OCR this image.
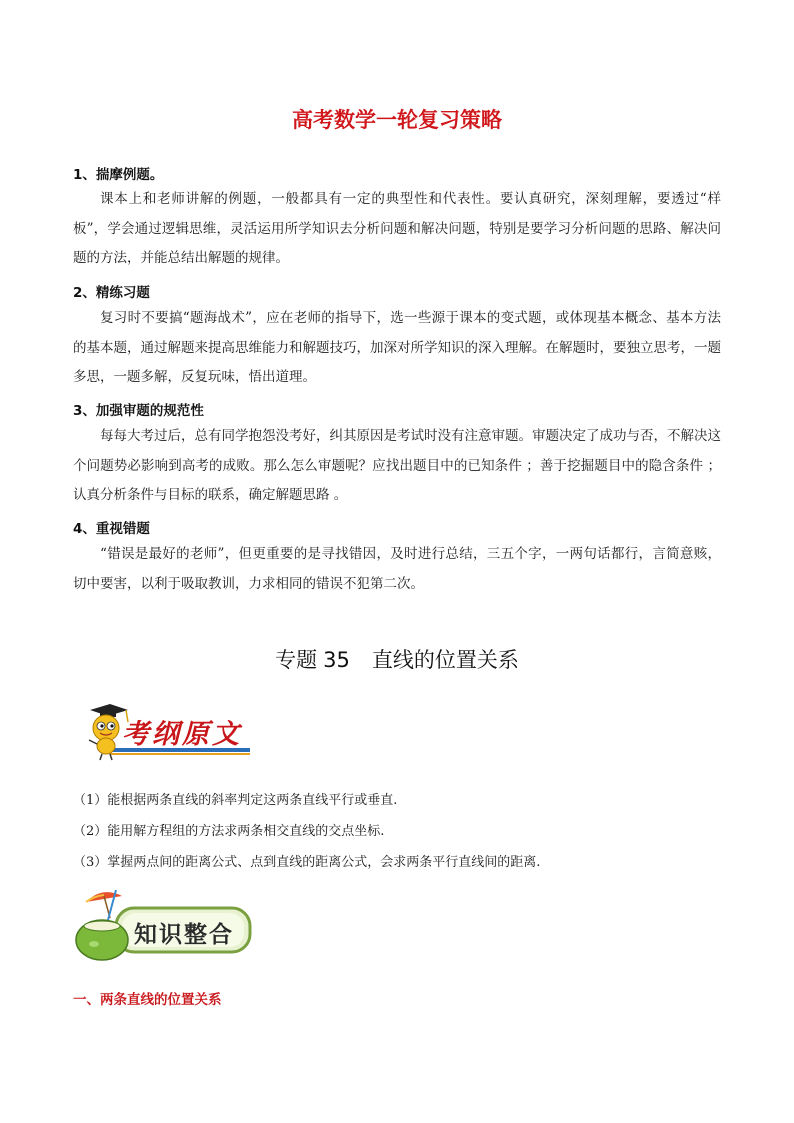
高考数学一轮复习策略
1、揣摩例题。

课本上和老师讲解的例题，一般都具有一定的典型性和代表性。要认真研究，深刻理解，要透过“样板”，学会通过逻辑思维，灵活运用所学知识去分析问题和解决问题，特别是要学习分析问题的思路、解决问题的方法，并能总结出解题的规律。

2、精练习题

复习时不要搞“题海战术”，应在老师的指导下，选一些源于课本的变式题，或体现基本概念、基本方法的基本题，通过解题来提高思维能力和解题技巧，加深对所学知识的深入理解。在解题时，要独立思考，一题多思，一题多解，反复玩味，悟出道理。

3、加强审题的规范性

每每大考过后，总有同学抱怨没考好，纠其原因是考试时没有注意审题。审题决定了成功与否，不解决这个问题势必影响到高考的成败。那么怎么审题呢？应找出题目中的已知条件 ；善于挖掘题目中的隐含条件 ；认真分析条件与目标的联系，确定解题思路 。

4、重视错题

“错误是最好的老师”，但更重要的是寻找错因，及时进行总结，三五个字，一两句话都行，言简意赅，切中要害，以利于吸取教训，力求相同的错误不犯第二次。

专题 35 直线的位置关系
考纲原文
（1）能根据两条直线的斜率判定这两条直线平行或垂直.
（2）能用解方程组的方法求两条相交直线的交点坐标.
（3）掌握两点间的距离公式、点到直线的距离公式，会求两条平行直线间的距离.
知识整合
一、两条直线的位置关系
